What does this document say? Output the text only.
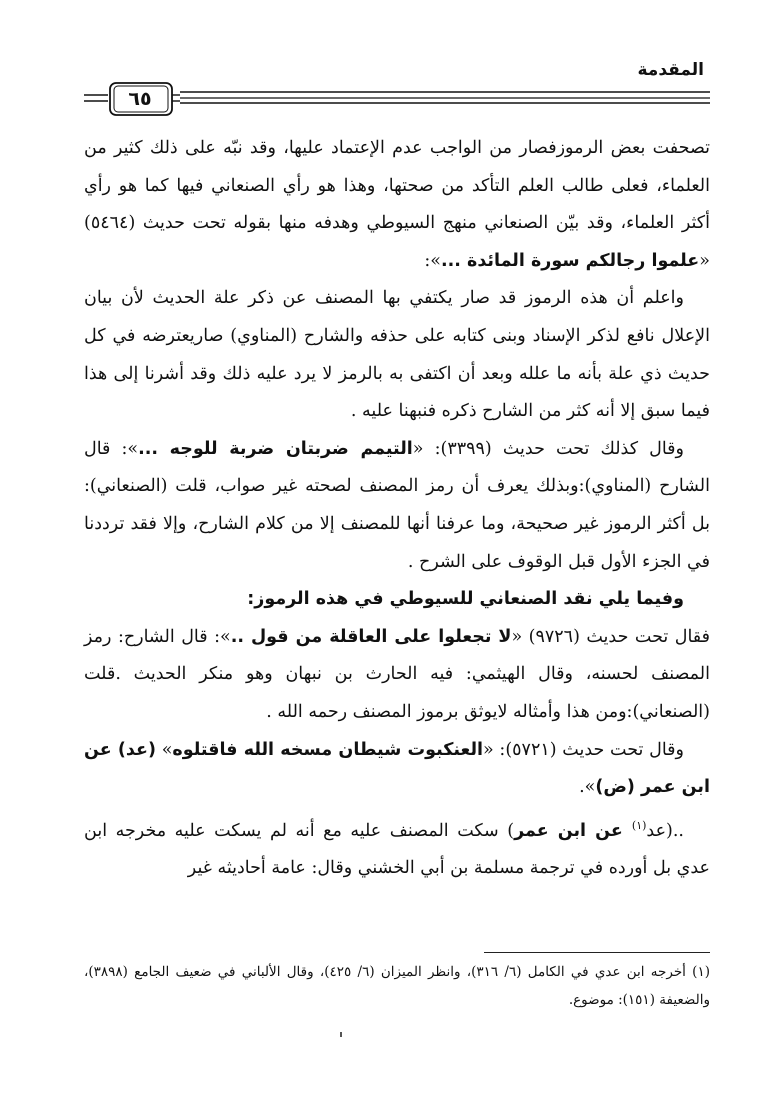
المقدمة
٦٥

تصحفت بعض الرموزفصار من الواجب عدم الإعتماد عليها، وقد نبّه على ذلك كثير من العلماء، فعلى طالب العلم التأكد من صحتها، وهذا هو رأي الصنعاني فيها كما هو رأي أكثر العلماء، وقد بيّن الصنعاني منهج السيوطي وهدفه منها بقوله تحت حديث (٥٤٦٤) «علموا رجالكم سورة المائدة ...»:

واعلم أن هذه الرموز قد صار يكتفي بها المصنف عن ذكر علة الحديث لأن بيان الإعلال نافع لذكر الإسناد وبنى كتابه على حذفه والشارح (المناوي) صاريعترضه في كل حديث ذي علة بأنه ما علله وبعد أن اكتفى به بالرمز لا يرد عليه ذلك وقد أشرنا إلى هذا فيما سبق إلا أنه كثر من الشارح ذكره فنبهنا عليه .

وقال كذلك تحت حديث (٣٣٩٩): «التيمم ضربتان ضربة للوجه ...»: قال الشارح (المناوي):وبذلك يعرف أن رمز المصنف لصحته غير صواب، قلت (الصنعاني): بل أكثر الرموز غير صحيحة، وما عرفنا أنها للمصنف إلا من كلام الشارح، وإلا فقد ترددنا في الجزء الأول قبل الوقوف على الشرح .

وفيما يلي نقد الصنعاني للسيوطي في هذه الرموز:

فقال تحت حديث (٩٧٢٦) «لا تجعلوا على العاقلة من قول ..»: قال الشارح: رمز المصنف لحسنه، وقال الهيثمي: فيه الحارث بن نبهان وهو منكر الحديث .قلت (الصنعاني):ومن هذا وأمثاله لايوثق برموز المصنف رحمه الله .

وقال تحت حديث (٥٧٢١): «العنكبوت شيطان مسخه الله فاقتلوه» (عد) عن ابن عمر (ض)».

..(عد$^{(١)}$ عن ابن عمر) سكت المصنف عليه مع أنه لم يسكت عليه مخرجه ابن عدي بل أورده في ترجمة مسلمة بن أبي الخشني وقال: عامة أحاديثه غير

(١) أخرجه ابن عدي في الكامل (٦/ ٣١٦)، وانظر الميزان (٦/ ٤٢٥)، وقال الألباني في ضعيف الجامع (٣٨٩٨)، والضعيفة (١٥١): موضوع.
